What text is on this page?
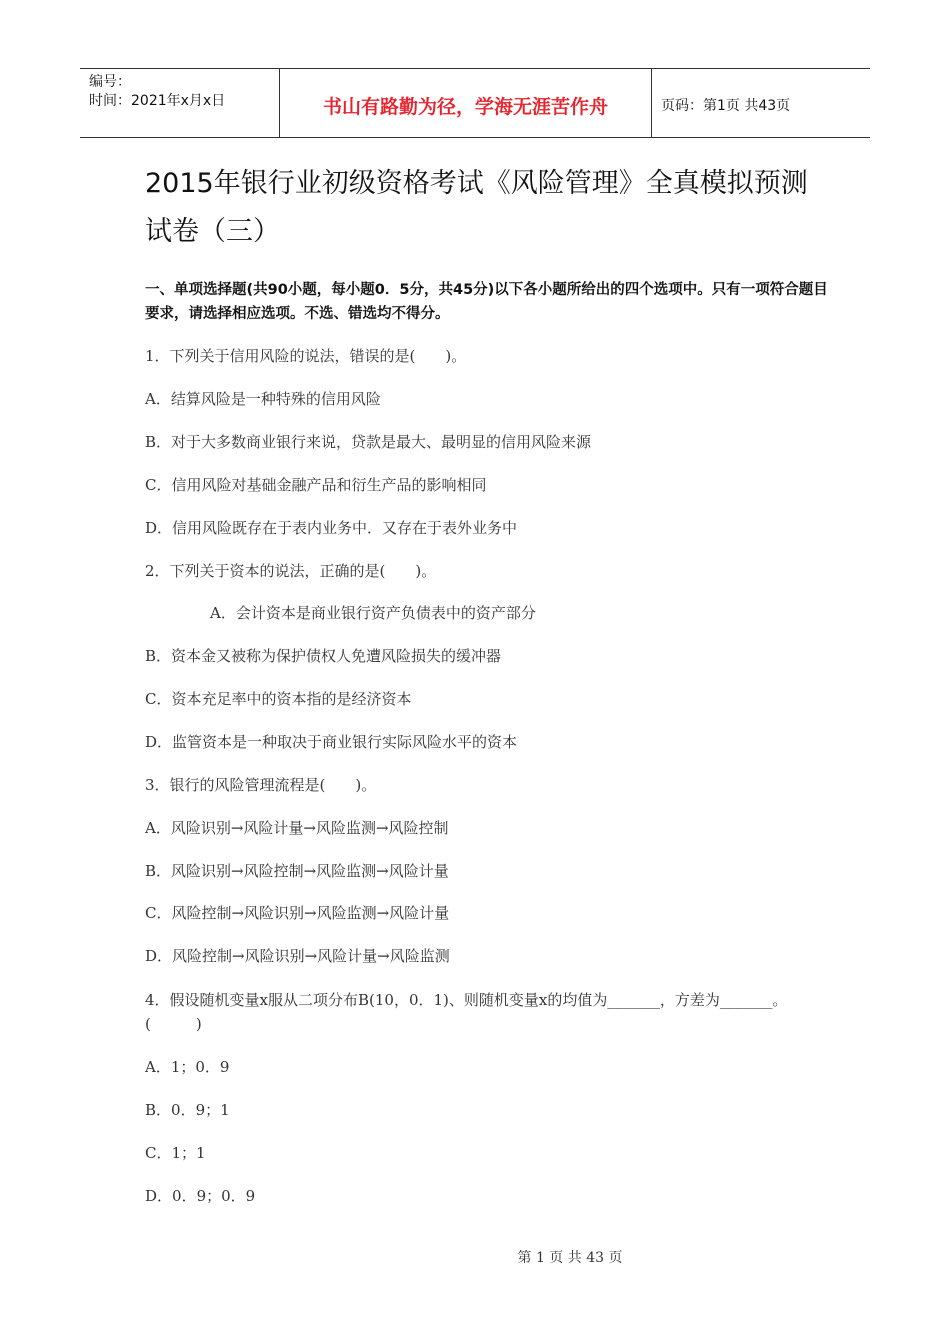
编号：
时间：2021年x月x日	书山有路勤为径，学海无涯苦作舟	页码：第1页 共43页
2015年银行业初级资格考试《风险管理》全真模拟预测试卷（三）

一、单项选择题(共90小题，每小题0．5分，共45分)以下各小题所给出的四个选项中。只有一项符合题目要求，请选择相应选项。不选、错选均不得分。

1．下列关于信用风险的说法，错误的是(　　)。

A．结算风险是一种特殊的信用风险

B．对于大多数商业银行来说，贷款是最大、最明显的信用风险来源

C．信用风险对基础金融产品和衍生产品的影响相同

D．信用风险既存在于表内业务中．又存在于表外业务中

2．下列关于资本的说法，正确的是(　　)。

A．会计资本是商业银行资产负债表中的资产部分

B．资本金又被称为保护债权人免遭风险损失的缓冲器

C．资本充足率中的资本指的是经济资本

D．监管资本是一种取决于商业银行实际风险水平的资本

3．银行的风险管理流程是(　　)。

A．风险识别→风险计量→风险监测→风险控制

B．风险识别→风险控制→风险监测→风险计量

C．风险控制→风险识别→风险监测→风险计量

D．风险控制→风险识别→风险计量→风险监测

4．假设随机变量x服从二项分布B(10，0．1)、则随机变量x的均值为_______，方差为_______。(　　　)

A．1；0．9

B．0．9；1

C．1；1

D．0．9；0．9

第 1 页 共 43 页
